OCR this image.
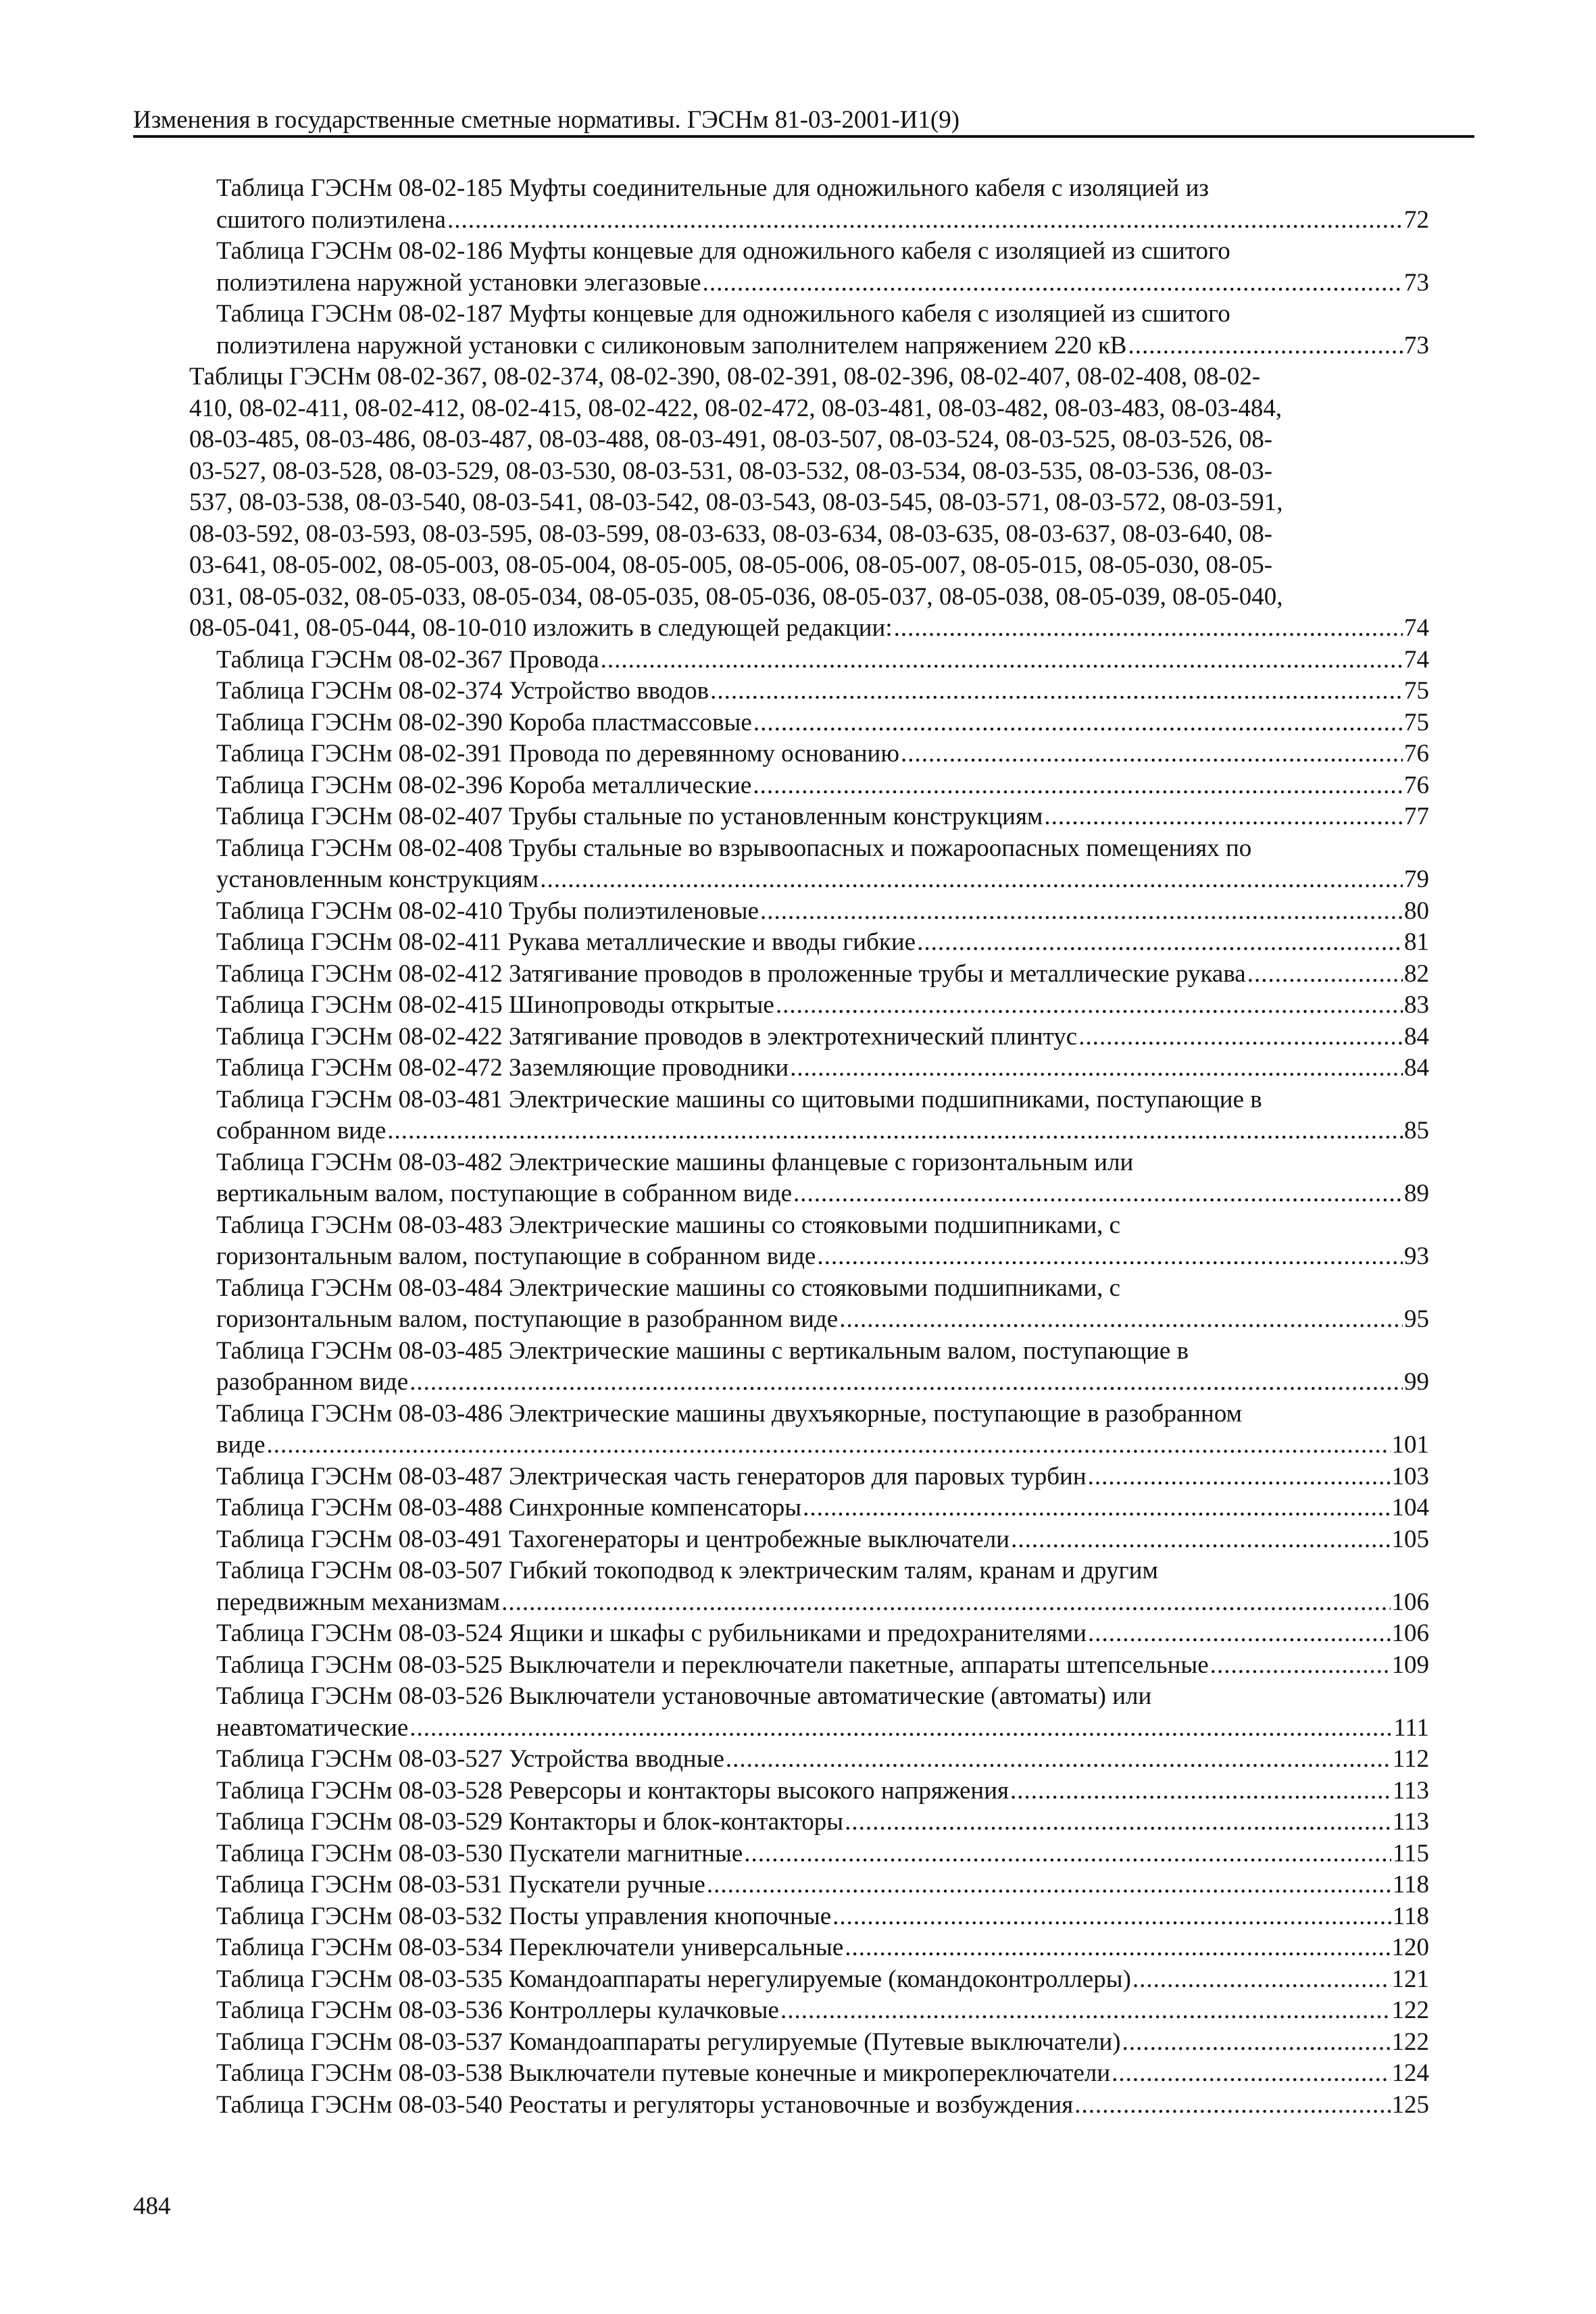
Изменения в государственные сметные нормативы. ГЭСНм 81-03-2001-И1(9)
Таблица ГЭСНм 08-02-185 Муфты соединительные для одножильного кабеля с изоляцией из
сшитого полиэтилена .....	72
Таблица ГЭСНм 08-02-186 Муфты концевые для одножильного кабеля с изоляцией из сшитого
полиэтилена наружной установки элегазовые .....	73
Таблица ГЭСНм 08-02-187 Муфты концевые для одножильного кабеля с изоляцией из сшитого
полиэтилена наружной установки с силиконовым заполнителем напряжением 220 кВ .....	73
Таблицы ГЭСНм 08-02-367, 08-02-374, 08-02-390, 08-02-391, 08-02-396, 08-02-407, 08-02-408, 08-02-
410, 08-02-411, 08-02-412, 08-02-415, 08-02-422, 08-02-472, 08-03-481, 08-03-482, 08-03-483, 08-03-484,
08-03-485, 08-03-486, 08-03-487, 08-03-488, 08-03-491, 08-03-507, 08-03-524, 08-03-525, 08-03-526, 08-
03-527, 08-03-528, 08-03-529, 08-03-530, 08-03-531, 08-03-532, 08-03-534, 08-03-535, 08-03-536, 08-03-
537, 08-03-538, 08-03-540, 08-03-541, 08-03-542, 08-03-543, 08-03-545, 08-03-571, 08-03-572, 08-03-591,
08-03-592, 08-03-593, 08-03-595, 08-03-599, 08-03-633, 08-03-634, 08-03-635, 08-03-637, 08-03-640, 08-
03-641, 08-05-002, 08-05-003, 08-05-004, 08-05-005, 08-05-006, 08-05-007, 08-05-015, 08-05-030, 08-05-
031, 08-05-032, 08-05-033, 08-05-034, 08-05-035, 08-05-036, 08-05-037, 08-05-038, 08-05-039, 08-05-040,
08-05-041, 08-05-044, 08-10-010 изложить в следующей редакции: .....	74
Таблица ГЭСНм 08-02-367 Провода .....	74
Таблица ГЭСНм 08-02-374 Устройство вводов .....	75
Таблица ГЭСНм 08-02-390 Короба пластмассовые .....	75
Таблица ГЭСНм 08-02-391 Провода по деревянному основанию .....	76
Таблица ГЭСНм 08-02-396 Короба металлические .....	76
Таблица ГЭСНм 08-02-407 Трубы стальные по установленным конструкциям .....	77
Таблица ГЭСНм 08-02-408 Трубы стальные во взрывоопасных и пожароопасных помещениях по
установленным конструкциям .....	79
Таблица ГЭСНм 08-02-410 Трубы полиэтиленовые .....	80
Таблица ГЭСНм 08-02-411 Рукава металлические и вводы гибкие .....	81
Таблица ГЭСНм 08-02-412 Затягивание проводов в проложенные трубы и металлические рукава .....	82
Таблица ГЭСНм 08-02-415 Шинопроводы открытые .....	83
Таблица ГЭСНм 08-02-422 Затягивание проводов в электротехнический плинтус .....	84
Таблица ГЭСНм 08-02-472 Заземляющие проводники .....	84
Таблица ГЭСНм 08-03-481 Электрические машины со щитовыми подшипниками, поступающие в
собранном виде .....	85
Таблица ГЭСНм 08-03-482 Электрические машины фланцевые с горизонтальным или
вертикальным валом, поступающие в собранном виде .....	89
Таблица ГЭСНм 08-03-483 Электрические машины со стояковыми подшипниками, с
горизонтальным валом, поступающие в собранном виде .....	93
Таблица ГЭСНм 08-03-484 Электрические машины со стояковыми подшипниками, с
горизонтальным валом, поступающие в разобранном виде .....	95
Таблица ГЭСНм 08-03-485 Электрические машины с вертикальным валом, поступающие в
разобранном виде .....	99
Таблица ГЭСНм 08-03-486 Электрические машины двухъякорные, поступающие в разобранном
виде .....	101
Таблица ГЭСНм 08-03-487 Электрическая часть генераторов для паровых турбин .....	103
Таблица ГЭСНм 08-03-488 Синхронные компенсаторы .....	104
Таблица ГЭСНм 08-03-491 Тахогенераторы и центробежные выключатели .....	105
Таблица ГЭСНм 08-03-507 Гибкий токоподвод к электрическим талям, кранам и другим
передвижным механизмам .....	106
Таблица ГЭСНм 08-03-524 Ящики и шкафы с рубильниками и предохранителями .....	106
Таблица ГЭСНм 08-03-525 Выключатели и переключатели пакетные, аппараты штепсельные .....	109
Таблица ГЭСНм 08-03-526 Выключатели установочные автоматические (автоматы) или
неавтоматические .....	111
Таблица ГЭСНм 08-03-527 Устройства вводные .....	112
Таблица ГЭСНм 08-03-528 Реверсоры и контакторы высокого напряжения .....	113
Таблица ГЭСНм 08-03-529 Контакторы и блок-контакторы .....	113
Таблица ГЭСНм 08-03-530 Пускатели магнитные .....	115
Таблица ГЭСНм 08-03-531 Пускатели ручные .....	118
Таблица ГЭСНм 08-03-532 Посты управления кнопочные .....	118
Таблица ГЭСНм 08-03-534 Переключатели универсальные .....	120
Таблица ГЭСНм 08-03-535 Командоаппараты нерегулируемые (командоконтроллеры) .....	121
Таблица ГЭСНм 08-03-536 Контроллеры кулачковые .....	122
Таблица ГЭСНм 08-03-537 Командоаппараты регулируемые (Путевые выключатели) .....	122
Таблица ГЭСНм 08-03-538 Выключатели путевые конечные и микропереключатели .....	124
Таблица ГЭСНм 08-03-540 Реостаты и регуляторы установочные и возбуждения .....	125
484
